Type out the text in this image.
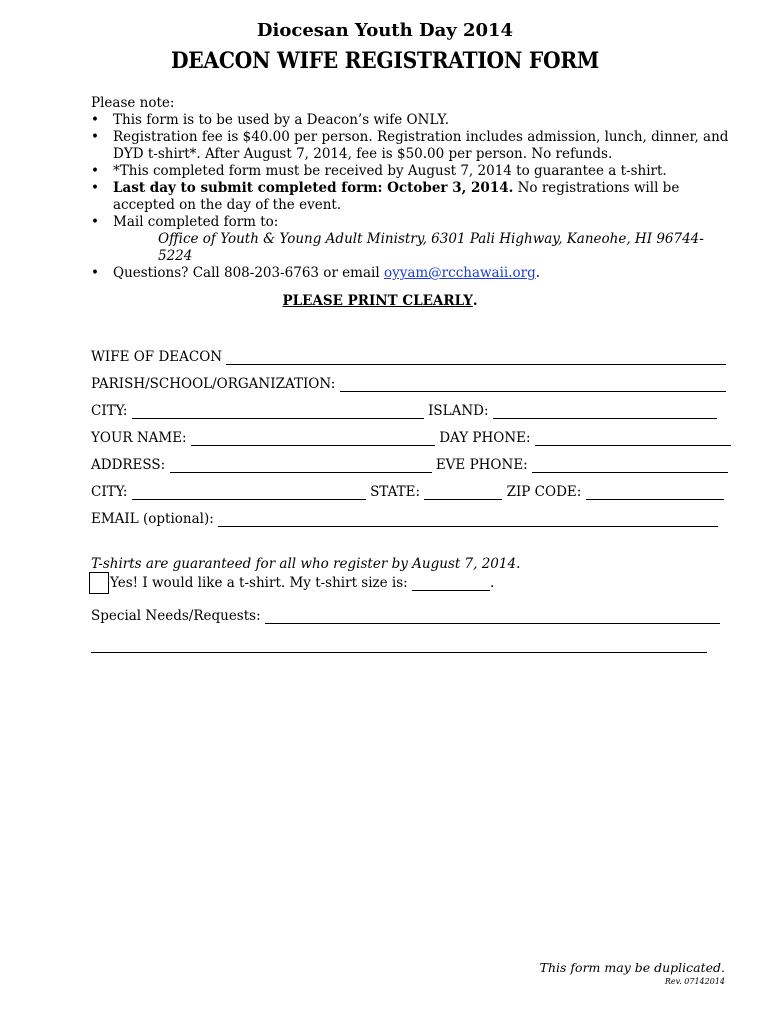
Diocesan Youth Day 2014
DEACON WIFE REGISTRATION FORM
Please note:
• This form is to be used by a Deacon’s wife ONLY.
• Registration fee is $40.00 per person. Registration includes admission, lunch, dinner, and DYD t-shirt*. After August 7, 2014, fee is $50.00 per person. No refunds.
• *This completed form must be received by August 7, 2014 to guarantee a t-shirt.
• Last day to submit completed form: October 3, 2014. No registrations will be accepted on the day of the event.
• Mail completed form to:
Office of Youth & Young Adult Ministry, 6301 Pali Highway, Kaneohe, HI 96744-5224
• Questions? Call 808-203-6763 or email oyyam@rcchawaii.org.
PLEASE PRINT CLEARLY.
WIFE OF DEACON
PARISH/SCHOOL/ORGANIZATION:
CITY:	ISLAND:
YOUR NAME:	DAY PHONE:
ADDRESS:	EVE PHONE:
CITY:	STATE:	ZIP CODE:
EMAIL (optional):
T-shirts are guaranteed for all who register by August 7, 2014.
Yes! I would like a t-shirt. My t-shirt size is:	.
Special Needs/Requests:
This form may be duplicated.
Rev. 07142014
